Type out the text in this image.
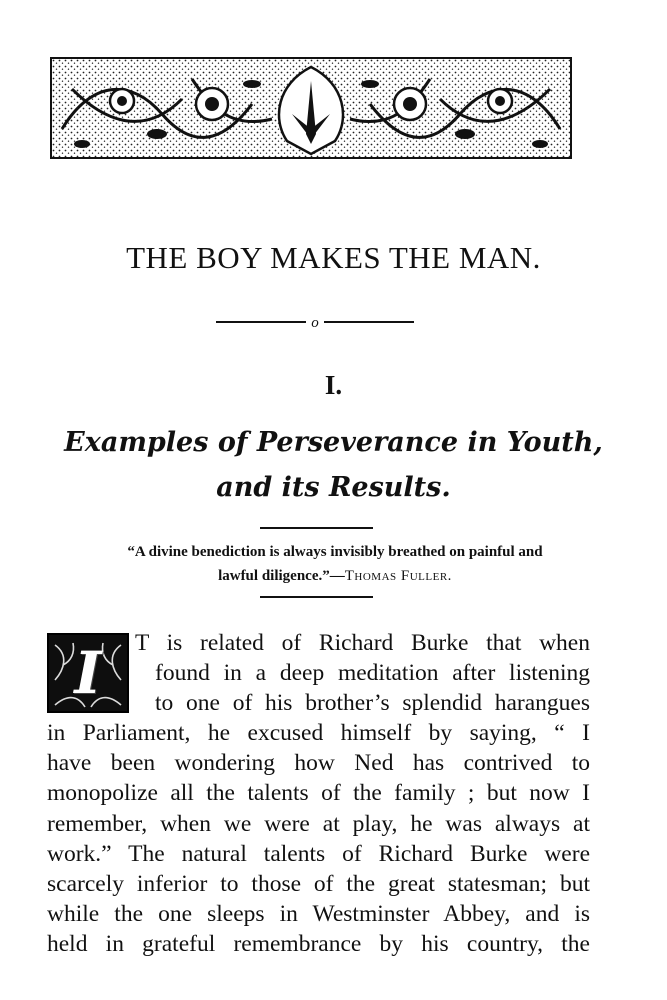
THE BOY MAKES THE MAN.
o
I.
Examples of Perseverance in Youth,
and its Results.
“A divine benediction is always invisibly breathed on painful and
lawful diligence.”—Thomas Fuller.
I	T is related of Richard Burke that when
found in a deep meditation after listening
to one of his brother’s splendid harangues
in Parliament, he excused himself by saying, “ I
have been wondering how Ned has contrived to
monopolize all the talents of the family ; but now I
remember, when we were at play, he was always at
work.” The natural talents of Richard Burke were
scarcely inferior to those of the great statesman; but
while the one sleeps in Westminster Abbey, and is
held in grateful remembrance by his country, the
